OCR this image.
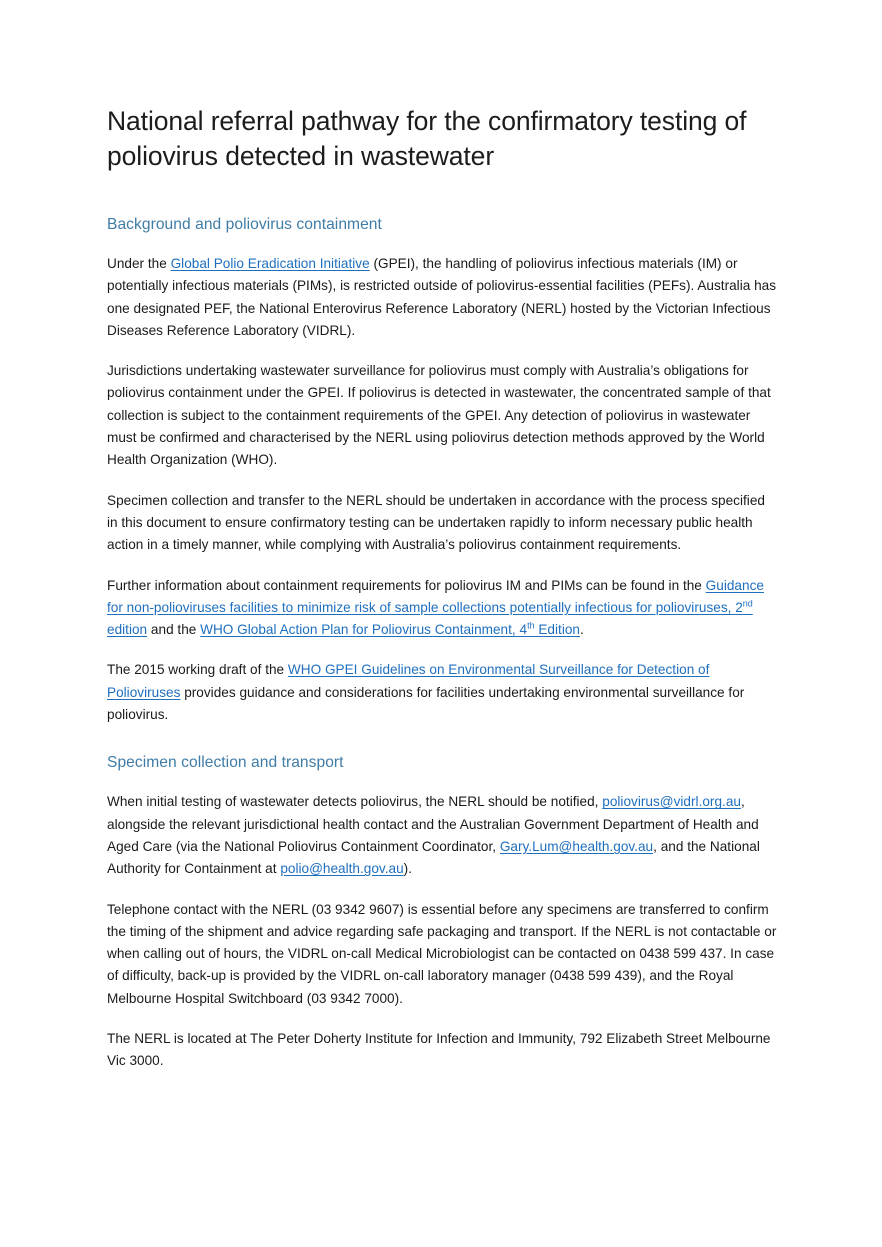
National referral pathway for the confirmatory testing of poliovirus detected in wastewater
Background and poliovirus containment

Under the Global Polio Eradication Initiative (GPEI), the handling of poliovirus infectious materials (IM) or potentially infectious materials (PIMs), is restricted outside of poliovirus-essential facilities (PEFs). Australia has one designated PEF, the National Enterovirus Reference Laboratory (NERL) hosted by the Victorian Infectious Diseases Reference Laboratory (VIDRL).

Jurisdictions undertaking wastewater surveillance for poliovirus must comply with Australia’s obligations for poliovirus containment under the GPEI. If poliovirus is detected in wastewater, the concentrated sample of that collection is subject to the containment requirements of the GPEI. Any detection of poliovirus in wastewater must be confirmed and characterised by the NERL using poliovirus detection methods approved by the World Health Organization (WHO).

Specimen collection and transfer to the NERL should be undertaken in accordance with the process specified in this document to ensure confirmatory testing can be undertaken rapidly to inform necessary public health action in a timely manner, while complying with Australia’s poliovirus containment requirements.

Further information about containment requirements for poliovirus IM and PIMs can be found in the Guidance for non-polioviruses facilities to minimize risk of sample collections potentially infectious for polioviruses, 2nd edition and the WHO Global Action Plan for Poliovirus Containment, 4th Edition.

The 2015 working draft of the WHO GPEI Guidelines on Environmental Surveillance for Detection of Polioviruses provides guidance and considerations for facilities undertaking environmental surveillance for poliovirus.

Specimen collection and transport

When initial testing of wastewater detects poliovirus, the NERL should be notified, poliovirus@vidrl.org.au, alongside the relevant jurisdictional health contact and the Australian Government Department of Health and Aged Care (via the National Poliovirus Containment Coordinator, Gary.Lum@health.gov.au, and the National Authority for Containment at polio@health.gov.au).

Telephone contact with the NERL (03 9342 9607) is essential before any specimens are transferred to confirm the timing of the shipment and advice regarding safe packaging and transport. If the NERL is not contactable or when calling out of hours, the VIDRL on-call Medical Microbiologist can be contacted on 0438 599 437. In case of difficulty, back-up is provided by the VIDRL on-call laboratory manager (0438 599 439), and the Royal Melbourne Hospital Switchboard (03 9342 7000).

The NERL is located at The Peter Doherty Institute for Infection and Immunity, 792 Elizabeth Street Melbourne Vic 3000.
